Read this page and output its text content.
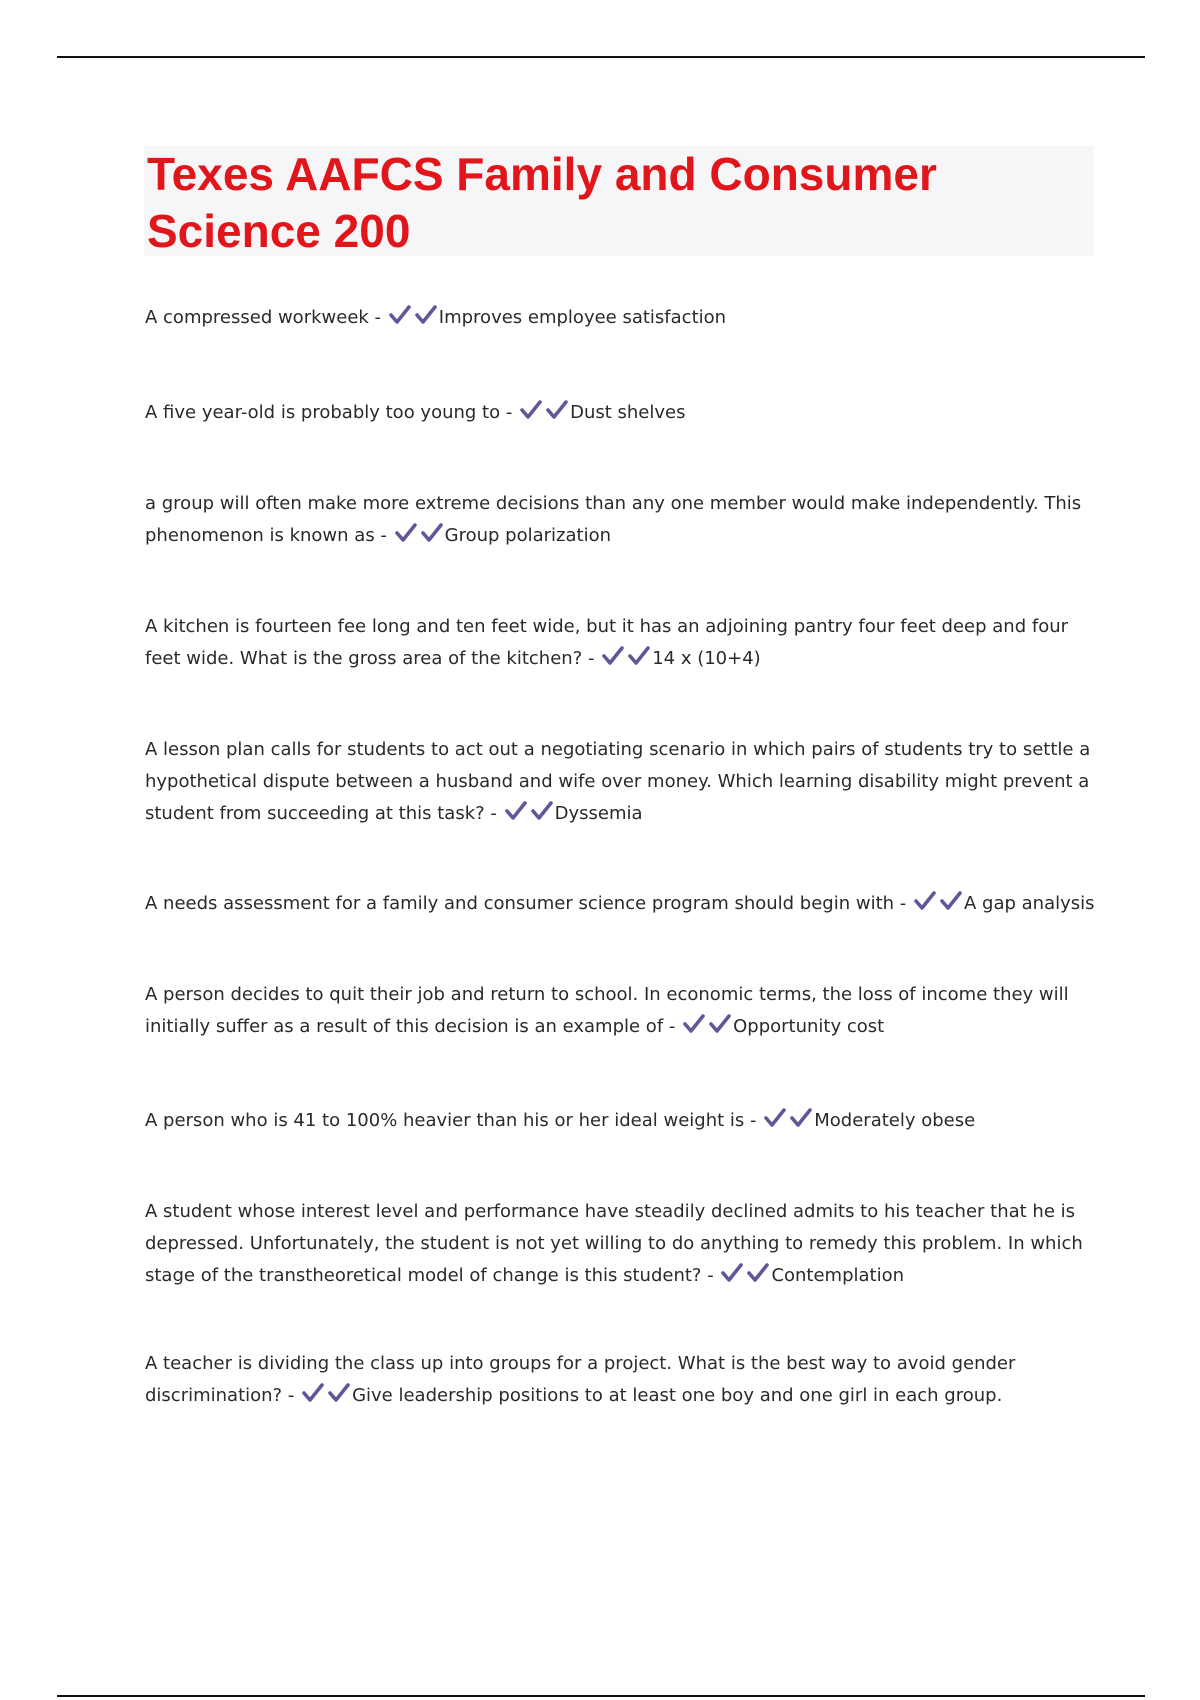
Texes AAFCS Family and Consumer
Science 200

A compressed workweek -	Improves employee satisfaction

A five year-old is probably too young to -	Dust shelves

a group will often make more extreme decisions than any one member would make independently. This
phenomenon is known as -	Group polarization

A kitchen is fourteen fee long and ten feet wide, but it has an adjoining pantry four feet deep and four
feet wide. What is the gross area of the kitchen? -	14 x (10+4)

A lesson plan calls for students to act out a negotiating scenario in which pairs of students try to settle a
hypothetical dispute between a husband and wife over money. Which learning disability might prevent a
student from succeeding at this task? -	Dyssemia

A needs assessment for a family and consumer science program should begin with -	A gap analysis

A person decides to quit their job and return to school. In economic terms, the loss of income they will
initially suffer as a result of this decision is an example of -	Opportunity cost

A person who is 41 to 100% heavier than his or her ideal weight is -	Moderately obese

A student whose interest level and performance have steadily declined admits to his teacher that he is
depressed. Unfortunately, the student is not yet willing to do anything to remedy this problem. In which
stage of the transtheoretical model of change is this student? -	Contemplation

A teacher is dividing the class up into groups for a project. What is the best way to avoid gender
discrimination? -	Give leadership positions to at least one boy and one girl in each group.
